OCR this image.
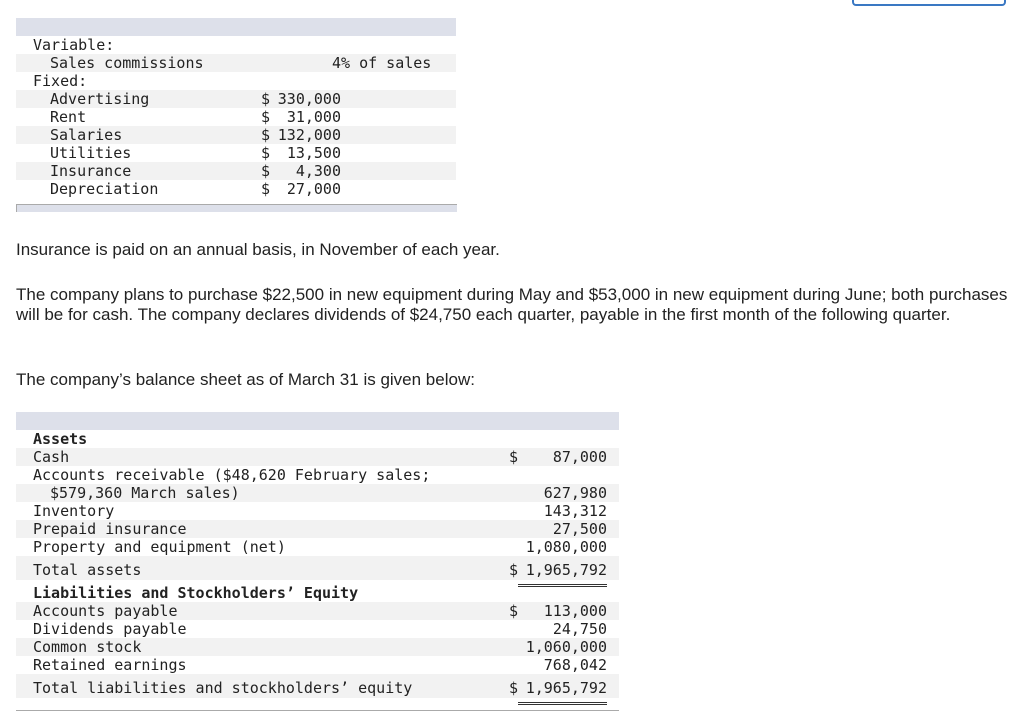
Variable:
Sales commissions	4% of sales
Fixed:
Advertising	$ 330,000
Rent	$	31,000
Salaries	$ 132,000
Utilities	$	13,500
Insurance	$	4,300
Depreciation	$	27,000
Insurance is paid on an annual basis, in November of each year.
The company plans to purchase $22,500 in new equipment during May and $53,000 in new equipment during June; both purchases will be for cash. The company declares dividends of $24,750 each quarter, payable in the first month of the following quarter.
The company’s balance sheet as of March 31 is given below:
Assets
Cash	$ 87,000
Accounts receivable ($48,620 February sales;
$579,360 March sales)	627,980
Inventory	143,312
Prepaid insurance	27,500
Property and equipment (net)	1,080,000
Total assets	$ 1,965,792
Liabilities and Stockholders’ Equity
Accounts payable	$ 113,000
Dividends payable	24,750
Common stock	1,060,000
Retained earnings	768,042
Total liabilities and stockholders’ equity	$ 1,965,792
